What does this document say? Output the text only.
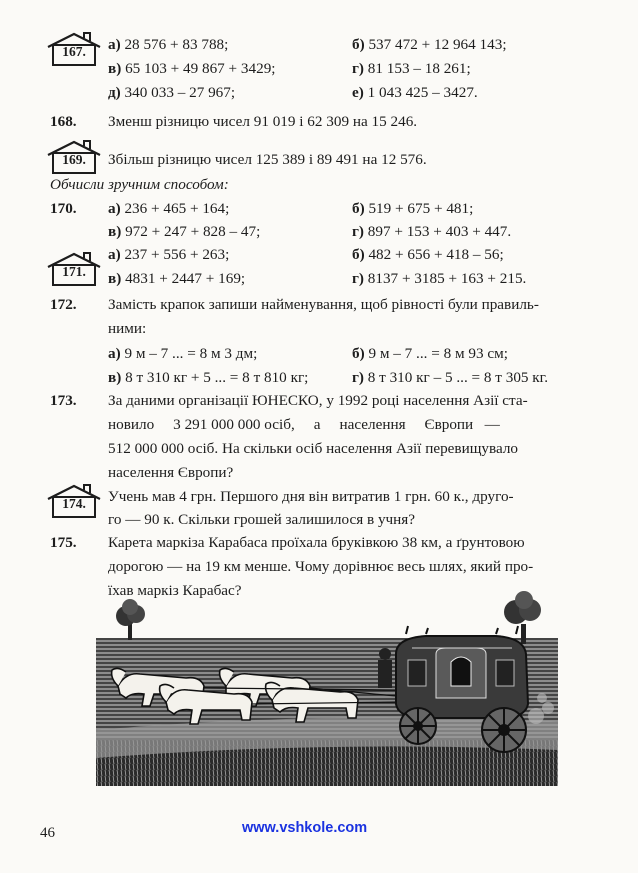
167.	а) 28 576 + 83 788;	б) 537 472 + 12 964 143;
в) 65 103 + 49 867 + 3429;	г) 81 153 – 18 261;
д) 340 033 – 27 967;	е) 1 043 425 – 3427.
168. Зменш різницю чисел 91 019 і 62 309 на 15 246.
169.	Збільш різницю чисел 125 389 і 89 491 на 12 576.
Обчисли зручним способом:
170. а) 236 + 465 + 164;	б) 519 + 675 + 481;
в) 972 + 247 + 828 – 47;	г) 897 + 153 + 403 + 447.
171.
а) 237 + 556 + 263;	б) 482 + 656 + 418 – 56;
в) 4831 + 2447 + 169;	г) 8137 + 3185 + 163 + 215.
172. Замість крапок запиши найменування, щоб рівності були правиль-
ними:
а) 9 м – 7 ... = 8 м 3 дм;	б) 9 м – 7 ... = 8 м 93 см;
в) 8 т 310 кг + 5 ... = 8 т 810 кг;	г) 8 т 310 кг – 5 ... = 8 т 305 кг.
173. За даними організації ЮНЕСКО, у 1992 році населення Азії ста-
новило     3 291 000 000 осіб,     а     населення     Європи   —
512 000 000 осіб. На скільки осіб населення Азії перевищувало
населення Європи?
174.	Учень мав 4 грн. Першого дня він витратив 1 грн. 60 к., друго-
го — 90 к. Скільки грошей залишилося в учня?
175. Карета маркіза Карабаса проїхала бруківкою 38 км, а ґрунтовою
дорогою — на 19 км менше. Чому дорівнює весь шлях, який про-
їхав маркіз Карабас?
46	www.vshkole.com
